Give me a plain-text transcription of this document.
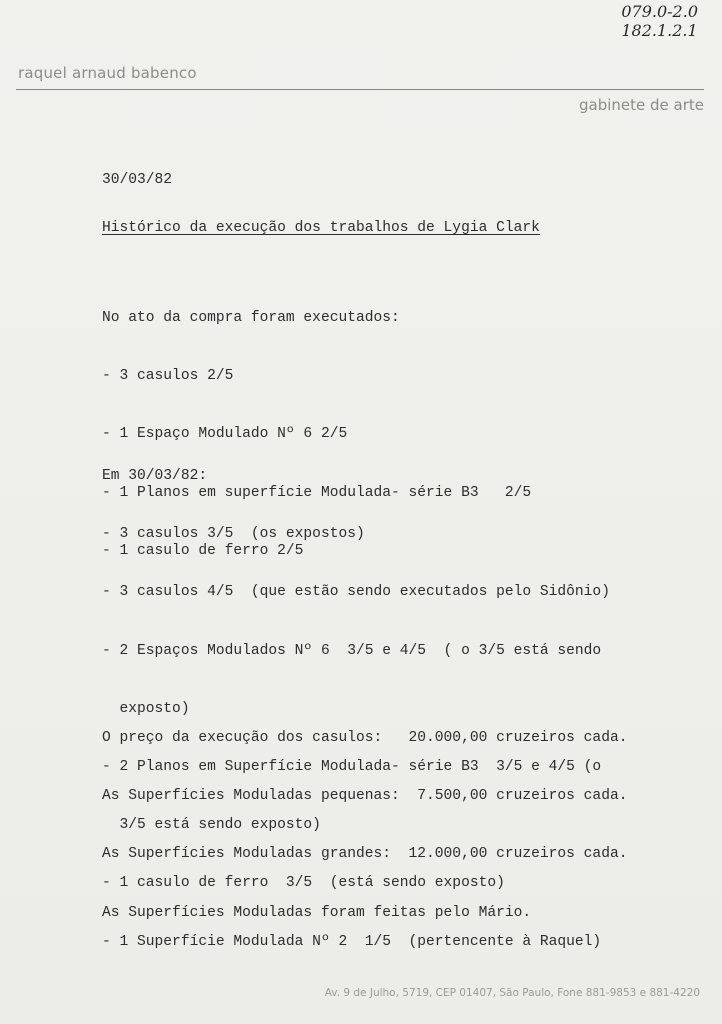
079.0-2.0
182.1.2.1
raquel arnaud babenco
gabinete de arte

30/03/82

Histórico da execução dos trabalhos de Lygia Clark

No ato da compra foram executados:

- 3 casulos 2/5

- 1 Espaço Modulado Nº 6 2/5

- 1 Planos em superfície Modulada- série B3   2/5

- 1 casulo de ferro 2/5

Em 30/03/82:

- 3 casulos 3/5  (os expostos)

- 3 casulos 4/5  (que estão sendo executados pelo Sidônio)

- 2 Espaços Modulados Nº 6  3/5 e 4/5  ( o 3/5 está sendo

exposto)

- 2 Planos em Superfície Modulada- série B3  3/5 e 4/5 (o

3/5 está sendo exposto)

- 1 casulo de ferro  3/5  (está sendo exposto)

- 1 Superfície Modulada Nº 2  1/5  (pertencente à Raquel)

O preço da execução dos casulos:   20.000,00 cruzeiros cada.

As Superfícies Moduladas pequenas:  7.500,00 cruzeiros cada.

As Superfícies Moduladas grandes:  12.000,00 cruzeiros cada.

As Superfícies Moduladas foram feitas pelo Mário.

Av. 9 de Julho, 5719, CEP 01407, São Paulo, Fone 881-9853 e 881-4220
